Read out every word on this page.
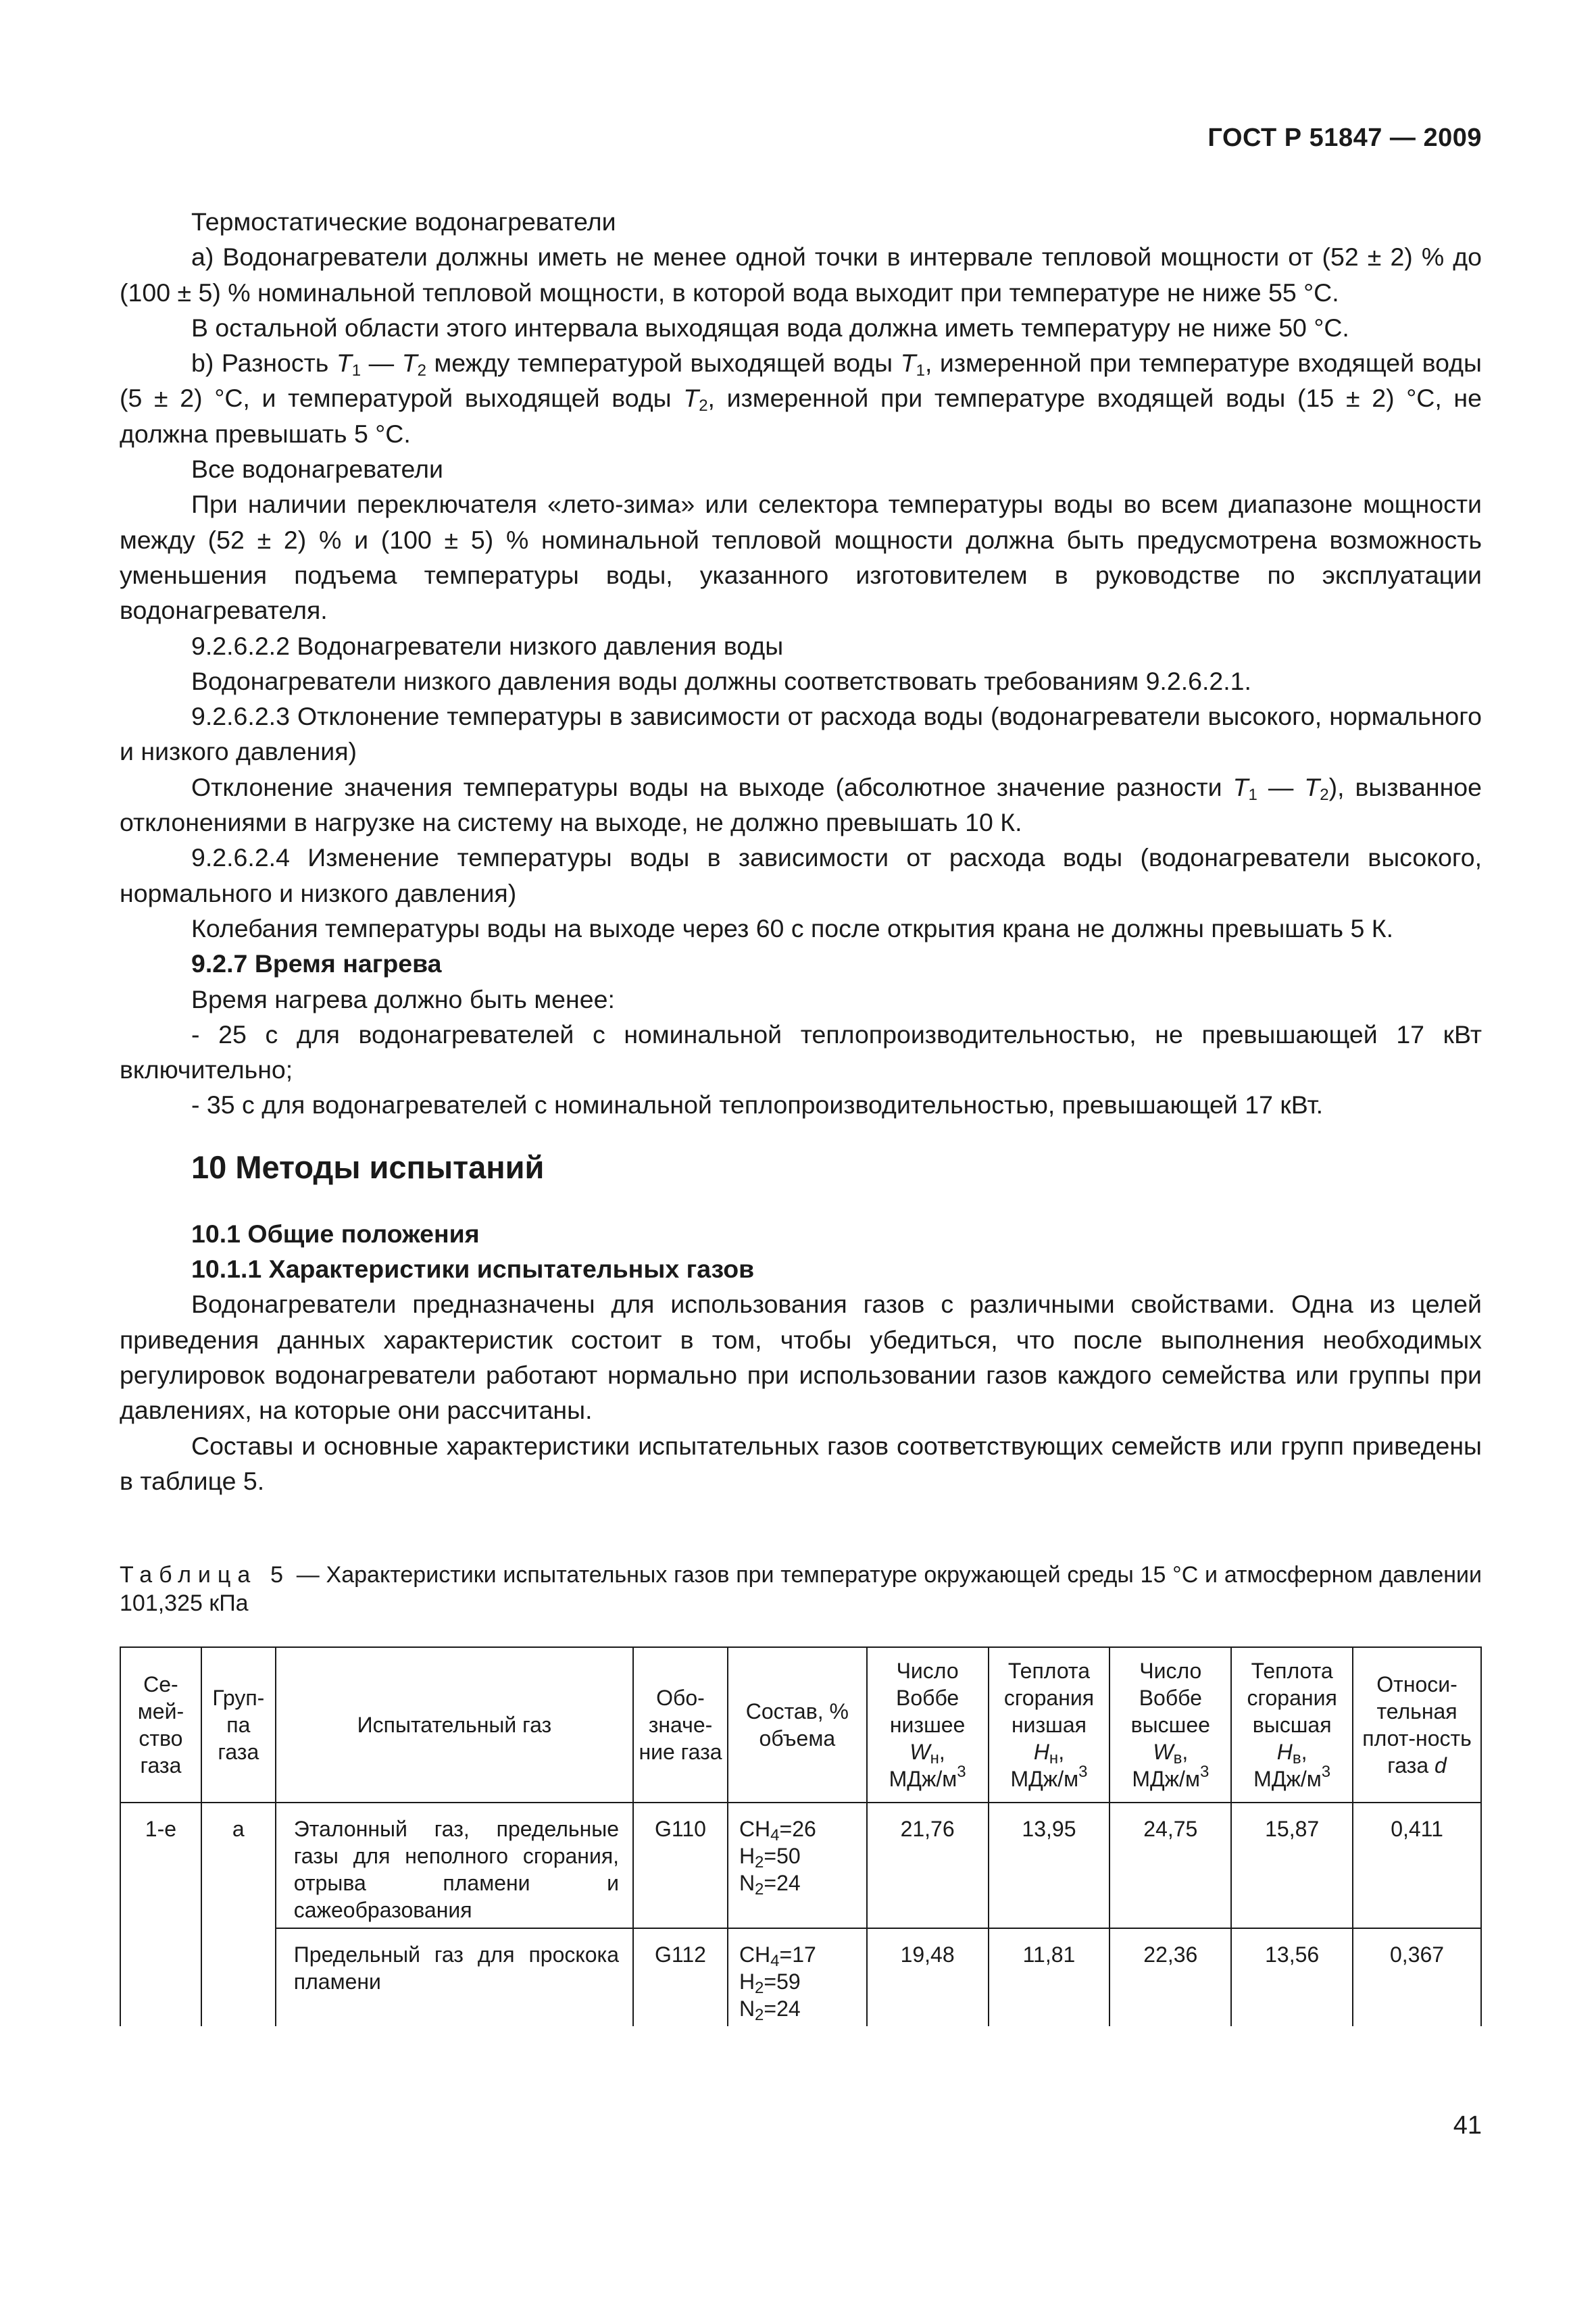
ГОСТ Р 51847 — 2009

Термостатические водонагреватели

а) Водонагреватели должны иметь не менее одной точки в интервале тепловой мощности от (52 ± 2) % до (100 ± 5) % номинальной тепловой мощности, в которой вода выходит при температуре не ниже 55 °С.

В остальной области этого интервала выходящая вода должна иметь температуру не ниже 50 °С.

b) Разность $T_1$ — $T_2$ между температурой выходящей воды $T_1$, измеренной при температуре входящей воды (5 ± 2) °С, и температурой выходящей воды $T_2$, измеренной при температуре входящей воды (15 ± 2) °С, не должна превышать 5 °С.

Все водонагреватели

При наличии переключателя «лето-зима» или селектора температуры воды во всем диапазоне мощности между (52 ± 2) % и (100 ± 5) % номинальной тепловой мощности должна быть предусмотрена возможность уменьшения подъема температуры воды, указанного изготовителем в руководстве по эксплуатации водонагревателя.

9.2.6.2.2 Водонагреватели низкого давления воды

Водонагреватели низкого давления воды должны соответствовать требованиям 9.2.6.2.1.

9.2.6.2.3 Отклонение температуры в зависимости от расхода воды (водонагреватели высокого, нормального и низкого давления)

Отклонение значения температуры воды на выходе (абсолютное значение разности $T_1$ — $T_2$), вызванное отклонениями в нагрузке на систему на выходе, не должно превышать 10 К.

9.2.6.2.4 Изменение температуры воды в зависимости от расхода воды (водонагреватели высокого, нормального и низкого давления)

Колебания температуры воды на выходе через 60 с после открытия крана не должны превышать 5 К.

9.2.7 Время нагрева

Время нагрева должно быть менее:

- 25 с для водонагревателей с номинальной теплопроизводительностью, не превышающей 17 кВт включительно;

- 35 с для водонагревателей с номинальной теплопроизводительностью, превышающей 17 кВт.

10 Методы испытаний

10.1 Общие положения

10.1.1 Характеристики испытательных газов

Водонагреватели предназначены для использования газов с различными свойствами. Одна из целей приведения данных характеристик состоит в том, чтобы убедиться, что после выполнения необходимых регулировок водонагреватели работают нормально при использовании газов каждого семейства или группы при давлениях, на которые они рассчитаны.

Составы и основные характеристики испытательных газов соответствующих семейств или групп приведены в таблице 5.

Таблица 5 — Характеристики испытательных газов при температуре окружающей среды 15 °С и атмосферном давлении 101,325 кПа
Се-мей-ство газа	Груп-па газа	Испытательный газ	Обо-значе-ние газа	Состав, % объема	Число Воббе низшее
$W_н$,
МДж/$м^3$	Теплота сгорания низшая
$H_н$,
МДж/$м^3$	Число Воббе высшее
$W_в$,
МДж/$м^3$	Теплота сгорания высшая
$H_в$,
МДж/$м^3$	Относи-тельная плот-ность газа d
1-е	a	Эталонный газ, предельные газы для неполного сгорания, отрыва пламени и сажеобразования	G110	$CH_4=26$
$H_2=50$
$N_2=24$	21,76	13,95	24,75	15,87	0,411
		Предельный газ для проскока пламени	G112	$CH_4=17$
$H_2=59$
$N_2=24$	19,48	11,81	22,36	13,56	0,367
41
